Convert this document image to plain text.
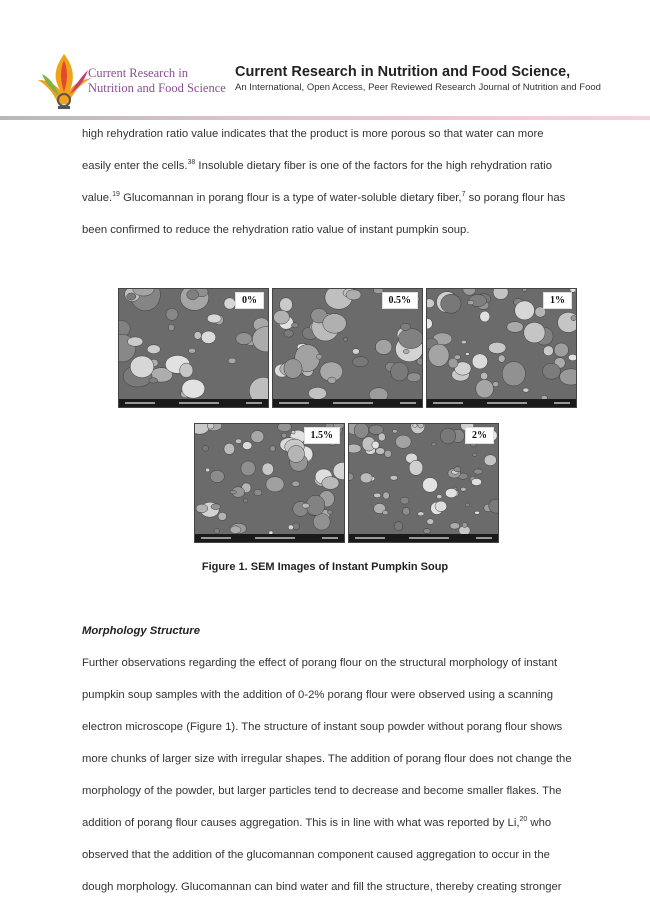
Current Research in
Nutrition and Food Science
Current Research in Nutrition and Food Science,
An International, Open Access, Peer Reviewed Research Journal of Nutrition and Food
high rehydration ratio value indicates that the product is more porous so that water can more
easily enter the cells.$^{38}$ Insoluble dietary fiber is one of the factors for the high rehydration ratio
value.$^{19}$ Glucomannan in porang flour is a type of water-soluble dietary fiber,$^7$ so porang flour has
been confirmed to reduce the rehydration ratio value of instant pumpkin soup.
0%	0.5%	1%
1.5%	2%
Figure 1. SEM Images of Instant Pumpkin Soup
Morphology Structure
Further observations regarding the effect of porang flour on the structural morphology of instant
pumpkin soup samples with the addition of 0-2% porang flour were observed using a scanning
electron microscope (Figure 1). The structure of instant soup powder without porang flour shows
more chunks of larger size with irregular shapes. The addition of porang flour does not change the
morphology of the powder, but larger particles tend to decrease and become smaller flakes. The
addition of porang flour causes aggregation. This is in line with what was reported by Li,$^{20}$ who
observed that the addition of the glucomannan component caused aggregation to occur in the
dough morphology. Glucomannan can bind water and fill the structure, thereby creating stronger
